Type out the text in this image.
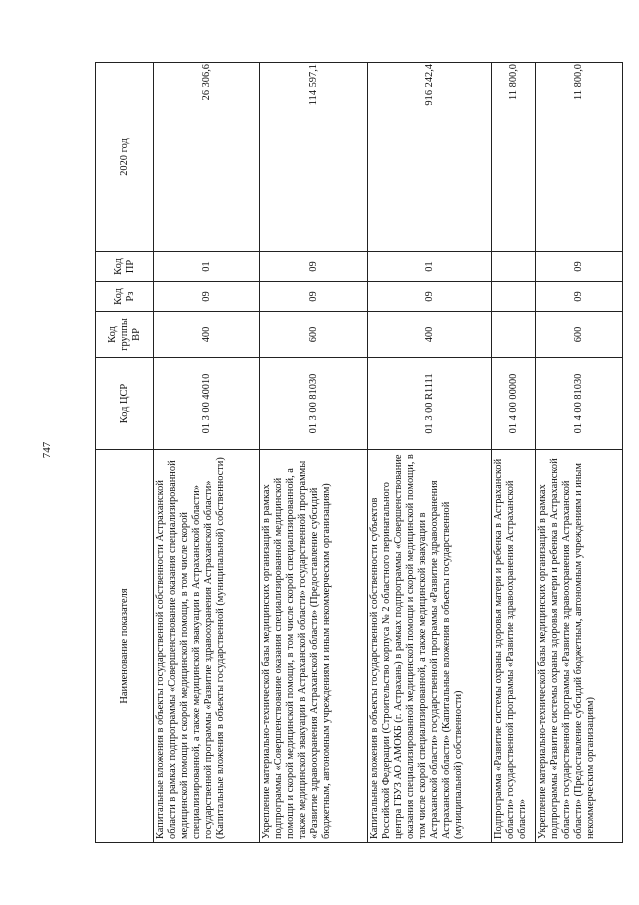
747
Наименование показателя	Код ЦСР	Код группы ВР	Код Рз	Код ПР	2020 год
Капитальные вложения в объекты государственной собственности Астраханской области в рамках подпрограммы «Совершенствование оказания специализированной медицинской помощи и скорой медицинской помощи, в том числе скорой специализированной, а также медицинской эвакуации в Астраханской области» государственной программы «Развитие здравоохранения Астраханской области» (Капитальные вложения в объекты государственной (муниципальной) собственности)	01 3 00 40010	400	09	01	26 306,6
Укрепление материально-технической базы медицинских организаций в рамках подпрограммы «Совершенствование оказания специализированной медицинской помощи и скорой медицинской помощи, в том числе скорой специализированной, а также медицинской эвакуации в Астраханской области» государственной программы «Развитие здравоохранения Астраханской области» (Предоставление субсидий бюджетным, автономным учреждениям и иным некоммерческим организациям)	01 3 00 81030	600	09	09	114 597,1
Капитальные вложения в объекты государственной собственности субъектов Российской Федерации (Строительство корпуса № 2 областного перинатального центра ГБУЗ АО АМОКБ (г. Астрахань) в рамках подпрограммы «Совершенствование оказания специализированной медицинской помощи и скорой медицинской помощи, в том числе скорой специализированной, а также медицинской эвакуации в Астраханской области» государственной программы «Развитие здравоохранения Астраханской области» (Капитальные вложения в объекты государственной (муниципальной) собственности)	01 3 00 R1111	400	09	01	916 242,4
Подпрограмма «Развитие системы охраны здоровья матери и ребенка в Астраханской области» государственной программы «Развитие здравоохранения Астраханской области»	01 4 00 00000				11 800,0
Укрепление материально-технической базы медицинских организаций в рамках подпрограммы «Развитие системы охраны здоровья матери и ребенка в Астраханской области» государственной программы «Развитие здравоохранения Астраханской области» (Предоставление субсидий бюджетным, автономным учреждениям и иным некоммерческим организациям)	01 4 00 81030	600	09	09	11 800,0
